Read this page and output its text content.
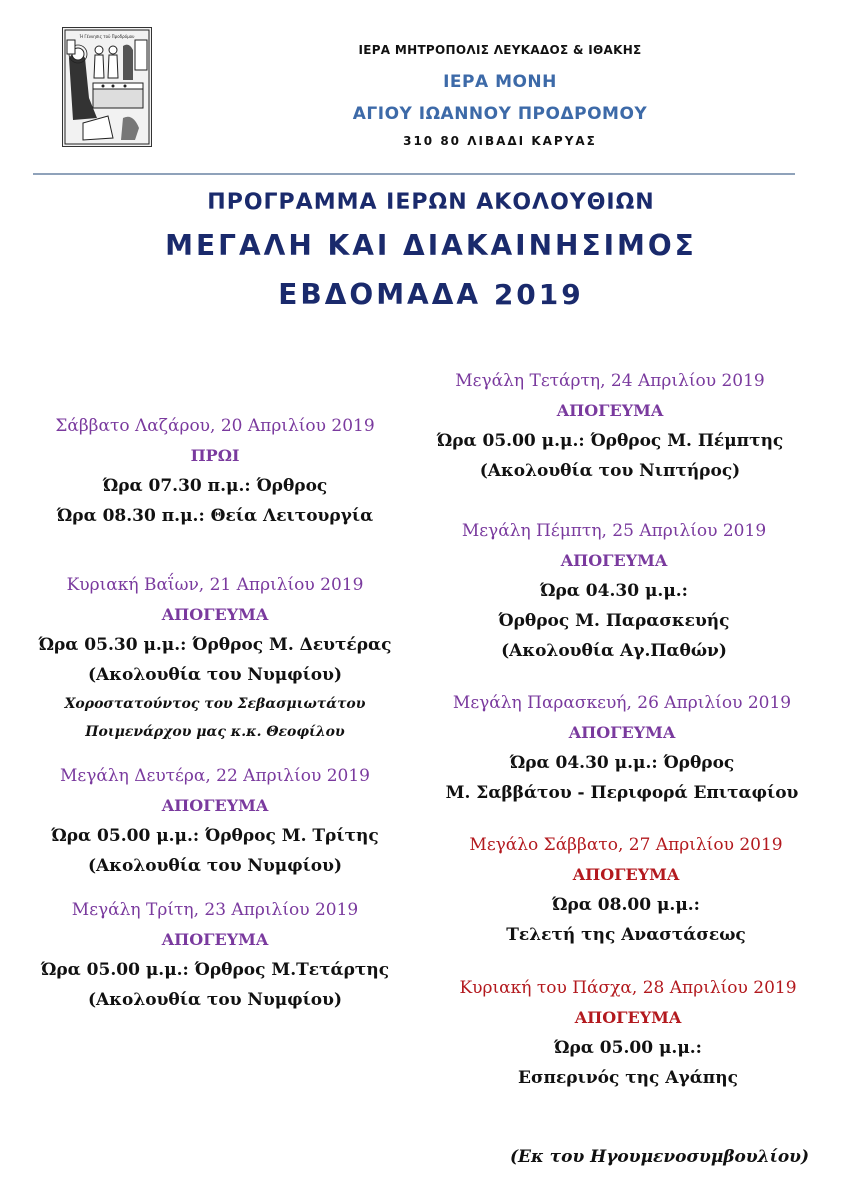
Ή Γέννησις τοῦ Προδρόμου
ΙΕΡΑ ΜΗΤΡΟΠΟΛΙΣ ΛΕΥΚΑΔΟΣ & ΙΘΑΚΗΣ
ΙΕΡΑ ΜΟΝΗ
ΑΓΙΟΥ ΙΩΑΝΝΟΥ ΠΡΟΔΡΟΜΟΥ
310 80 ΛΙΒΑΔΙ ΚΑΡΥΑΣ
ΠΡΟΓΡΑΜΜΑ ΙΕΡΩΝ ΑΚΟΛΟΥΘΙΩΝ
ΜΕΓΑΛΗ ΚΑΙ ΔΙΑΚΑΙΝΗΣΙΜΟΣ
ΕΒΔΟΜΑΔΑ 2019
Σάββατο Λαζάρου, 20 Απριλίου 2019
ΠΡΩΙ
Ώρα 07.30 π.μ.: Όρθρος
Ώρα 08.30 π.μ.: Θεία Λειτουργία
Κυριακή Βαΐων, 21 Απριλίου 2019
ΑΠΟΓΕΥΜΑ
Ώρα 05.30 μ.μ.: Όρθρος Μ. Δευτέρας
(Ακολουθία του Νυμφίου)
Χοροστατούντος του Σεβασμιωτάτου
Ποιμενάρχου μας κ.κ. Θεοφίλου
Μεγάλη Δευτέρα, 22 Απριλίου 2019
ΑΠΟΓΕΥΜΑ
Ώρα 05.00 μ.μ.: Όρθρος Μ. Τρίτης
(Ακολουθία του Νυμφίου)
Μεγάλη Τρίτη, 23 Απριλίου 2019
ΑΠΟΓΕΥΜΑ
Ώρα 05.00 μ.μ.: Όρθρος Μ.Τετάρτης
(Ακολουθία του Νυμφίου)
Μεγάλη Τετάρτη, 24 Απριλίου 2019
ΑΠΟΓΕΥΜΑ
Ώρα 05.00 μ.μ.: Όρθρος Μ. Πέμπτης
(Ακολουθία του Νιπτήρος)
Μεγάλη Πέμπτη, 25 Απριλίου 2019
ΑΠΟΓΕΥΜΑ
Ώρα 04.30 μ.μ.:
Όρθρος Μ. Παρασκευής
(Ακολουθία Αγ.Παθών)
Μεγάλη Παρασκευή, 26 Απριλίου 2019
ΑΠΟΓΕΥΜΑ
Ώρα 04.30 μ.μ.: Όρθρος
Μ. Σαββάτου - Περιφορά Επιταφίου
Μεγάλο Σάββατο, 27 Απριλίου 2019
ΑΠΟΓΕΥΜΑ
Ώρα 08.00 μ.μ.:
Τελετή της Αναστάσεως
Κυριακή του Πάσχα, 28 Απριλίου 2019
ΑΠΟΓΕΥΜΑ
Ώρα 05.00 μ.μ.:
Εσπερινός της Αγάπης
(Εκ του Ηγουμενοσυμβουλίου)
